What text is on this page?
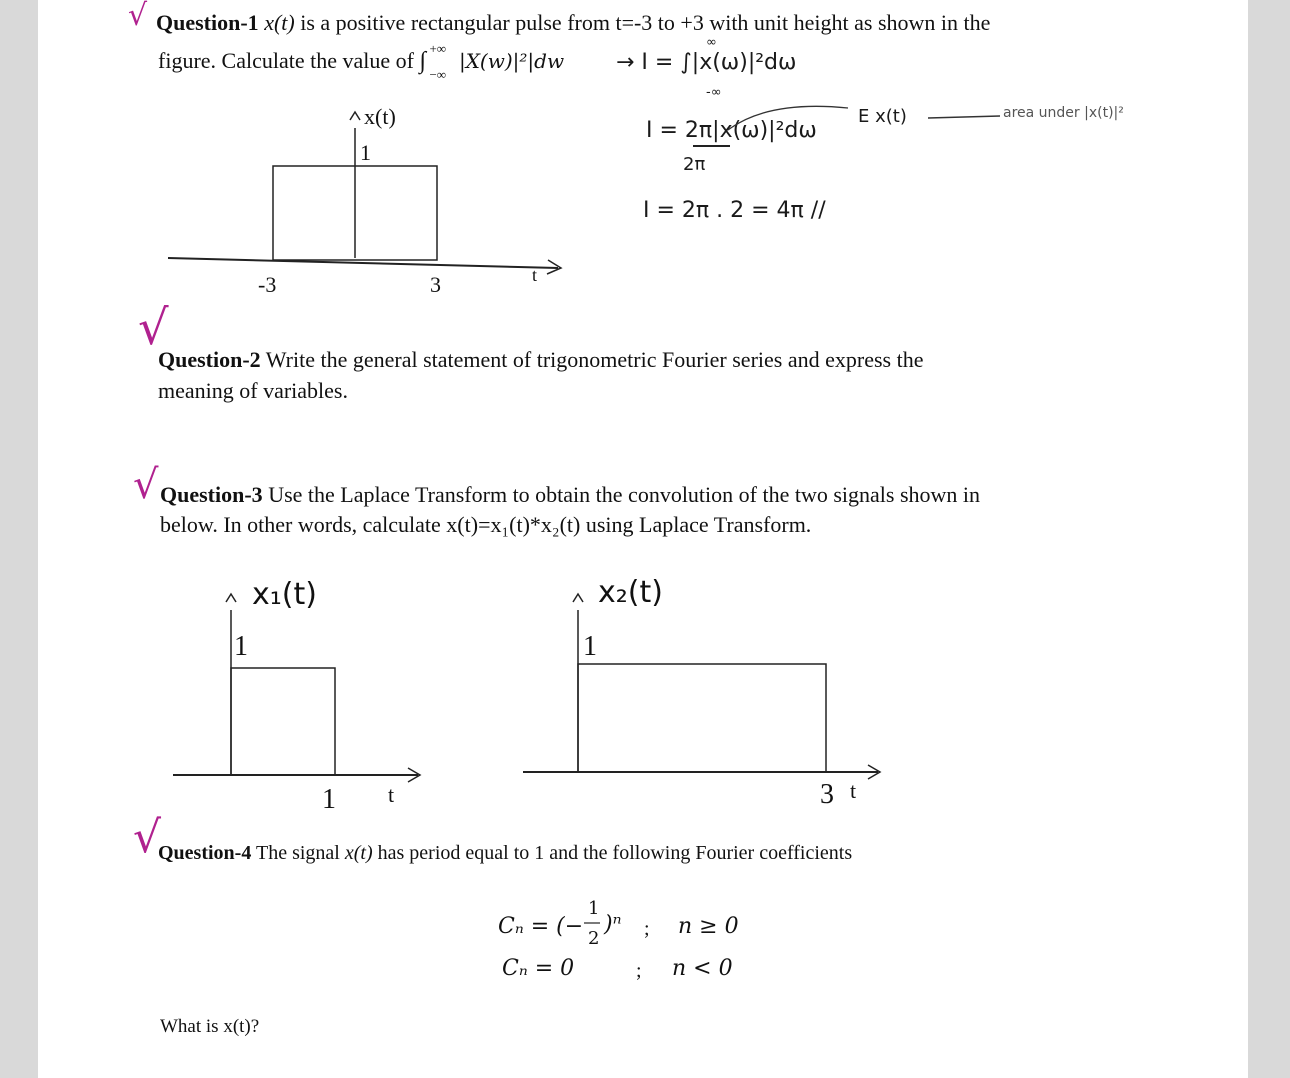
√ Question-1 x(t) is a positive rectangular pulse from t=-3 to +3 with unit height as shown in the
figure. Calculate the value of ∫ +∞
−∞
|X(w)|²|dw → I = ∫|x(ω)|²dω
∞
-∞
I = 2π|x(ω)|²dω
2π
I = 2π . 2 = 4π //
E x(t)	area under |x(t)|²
x(t)
1
-3	3	t
√
Question-2 Write the general statement of trigonometric Fourier series and express the
meaning of variables.
√ Question-3 Use the Laplace Transform to obtain the convolution of the two signals shown in
below. In other words, calculate x(t)=x₁(t)*x₂(t) using Laplace Transform.
x₁(t)
1
1 t
x₂(t)
1
3 t
√
Question-4 The signal x(t) has period equal to 1 and the following Fourier coefficients
Cₙ = (−
1
2
)ⁿ ; n ≥ 0
Cₙ = 0	; n < 0
What is x(t)?
